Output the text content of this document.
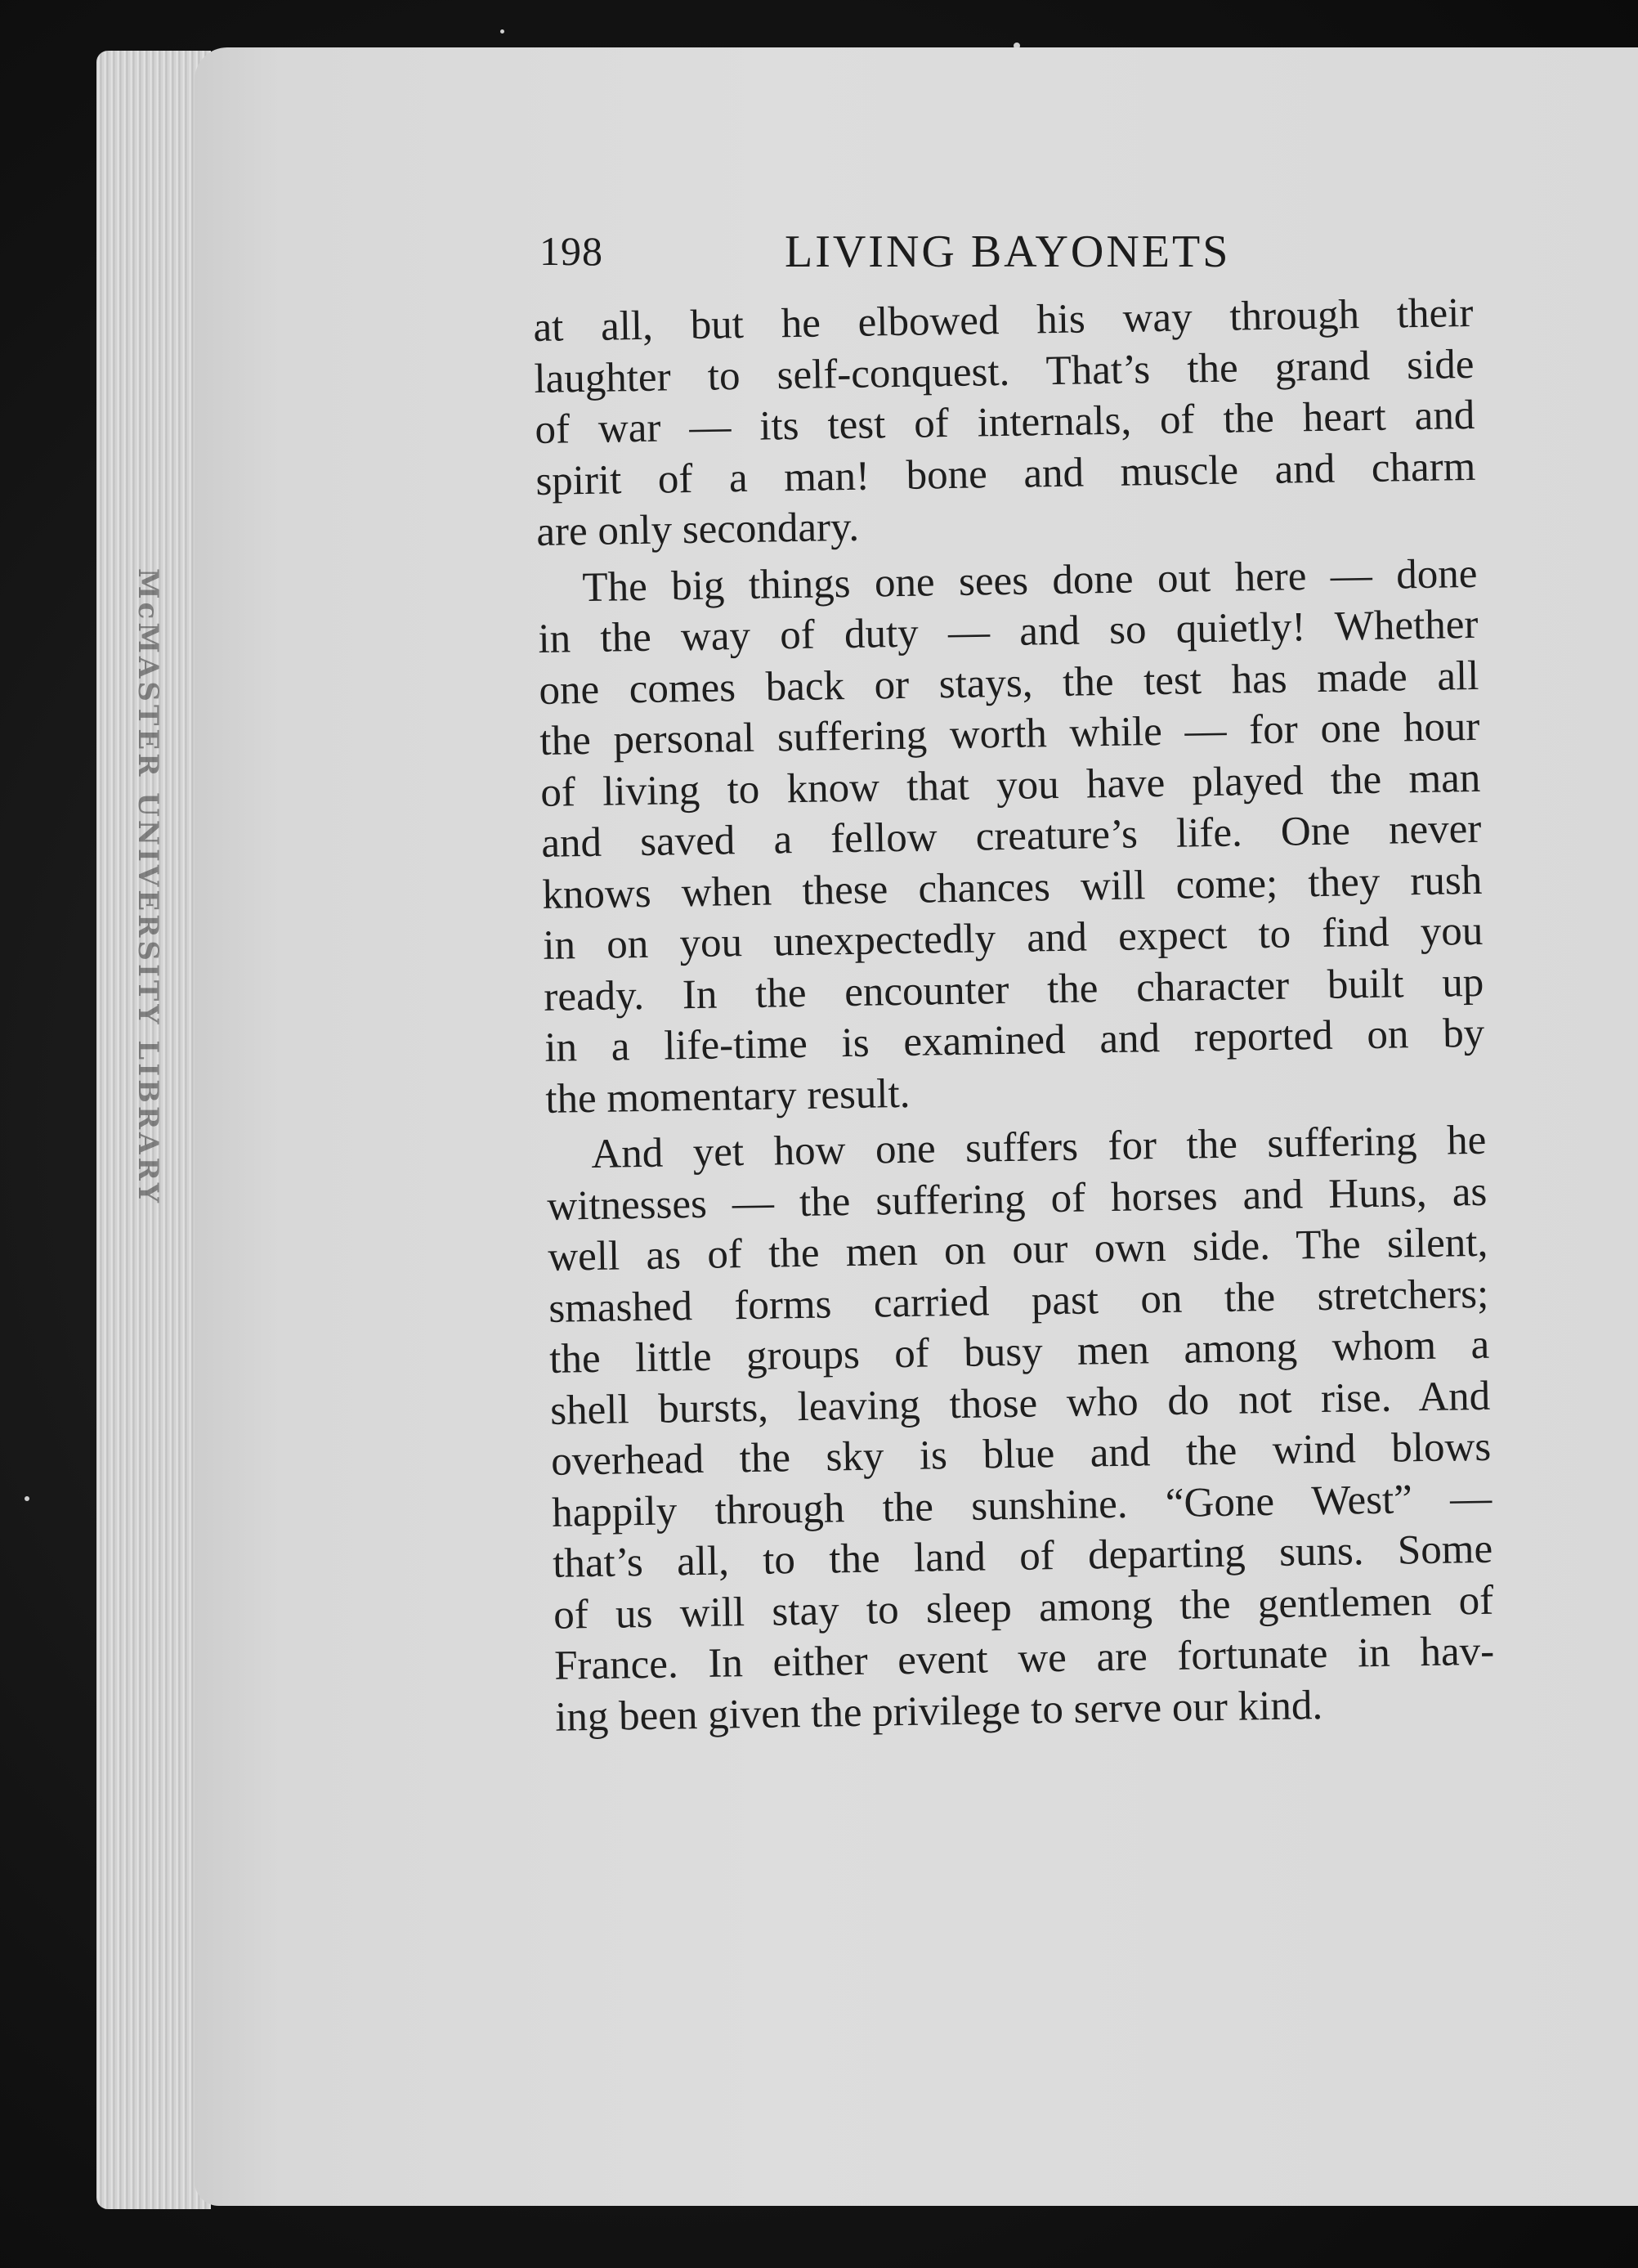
McMASTER UNIVERSITY LIBRARY
198	LIVING BAYONETS
at all, but he elbowed his way through their
laughter to self-conquest. That’s the grand side
of war — its test of internals, of the heart and
spirit of a man! bone and muscle and charm
are only secondary.
The big things one sees done out here — done
in the way of duty — and so quietly! Whether
one comes back or stays, the test has made all
the personal suffering worth while — for one hour
of living to know that you have played the man
and saved a fellow creature’s life. One never
knows when these chances will come; they rush
in on you unexpectedly and expect to find you
ready. In the encounter the character built up
in a life-time is examined and reported on by
the momentary result.
And yet how one suffers for the suffering he
witnesses — the suffering of horses and Huns, as
well as of the men on our own side. The silent,
smashed forms carried past on the stretchers;
the little groups of busy men among whom a
shell bursts, leaving those who do not rise. And
overhead the sky is blue and the wind blows
happily through the sunshine. “Gone West” —
that’s all, to the land of departing suns. Some
of us will stay to sleep among the gentlemen of
France. In either event we are fortunate in hav-
ing been given the privilege to serve our kind.
